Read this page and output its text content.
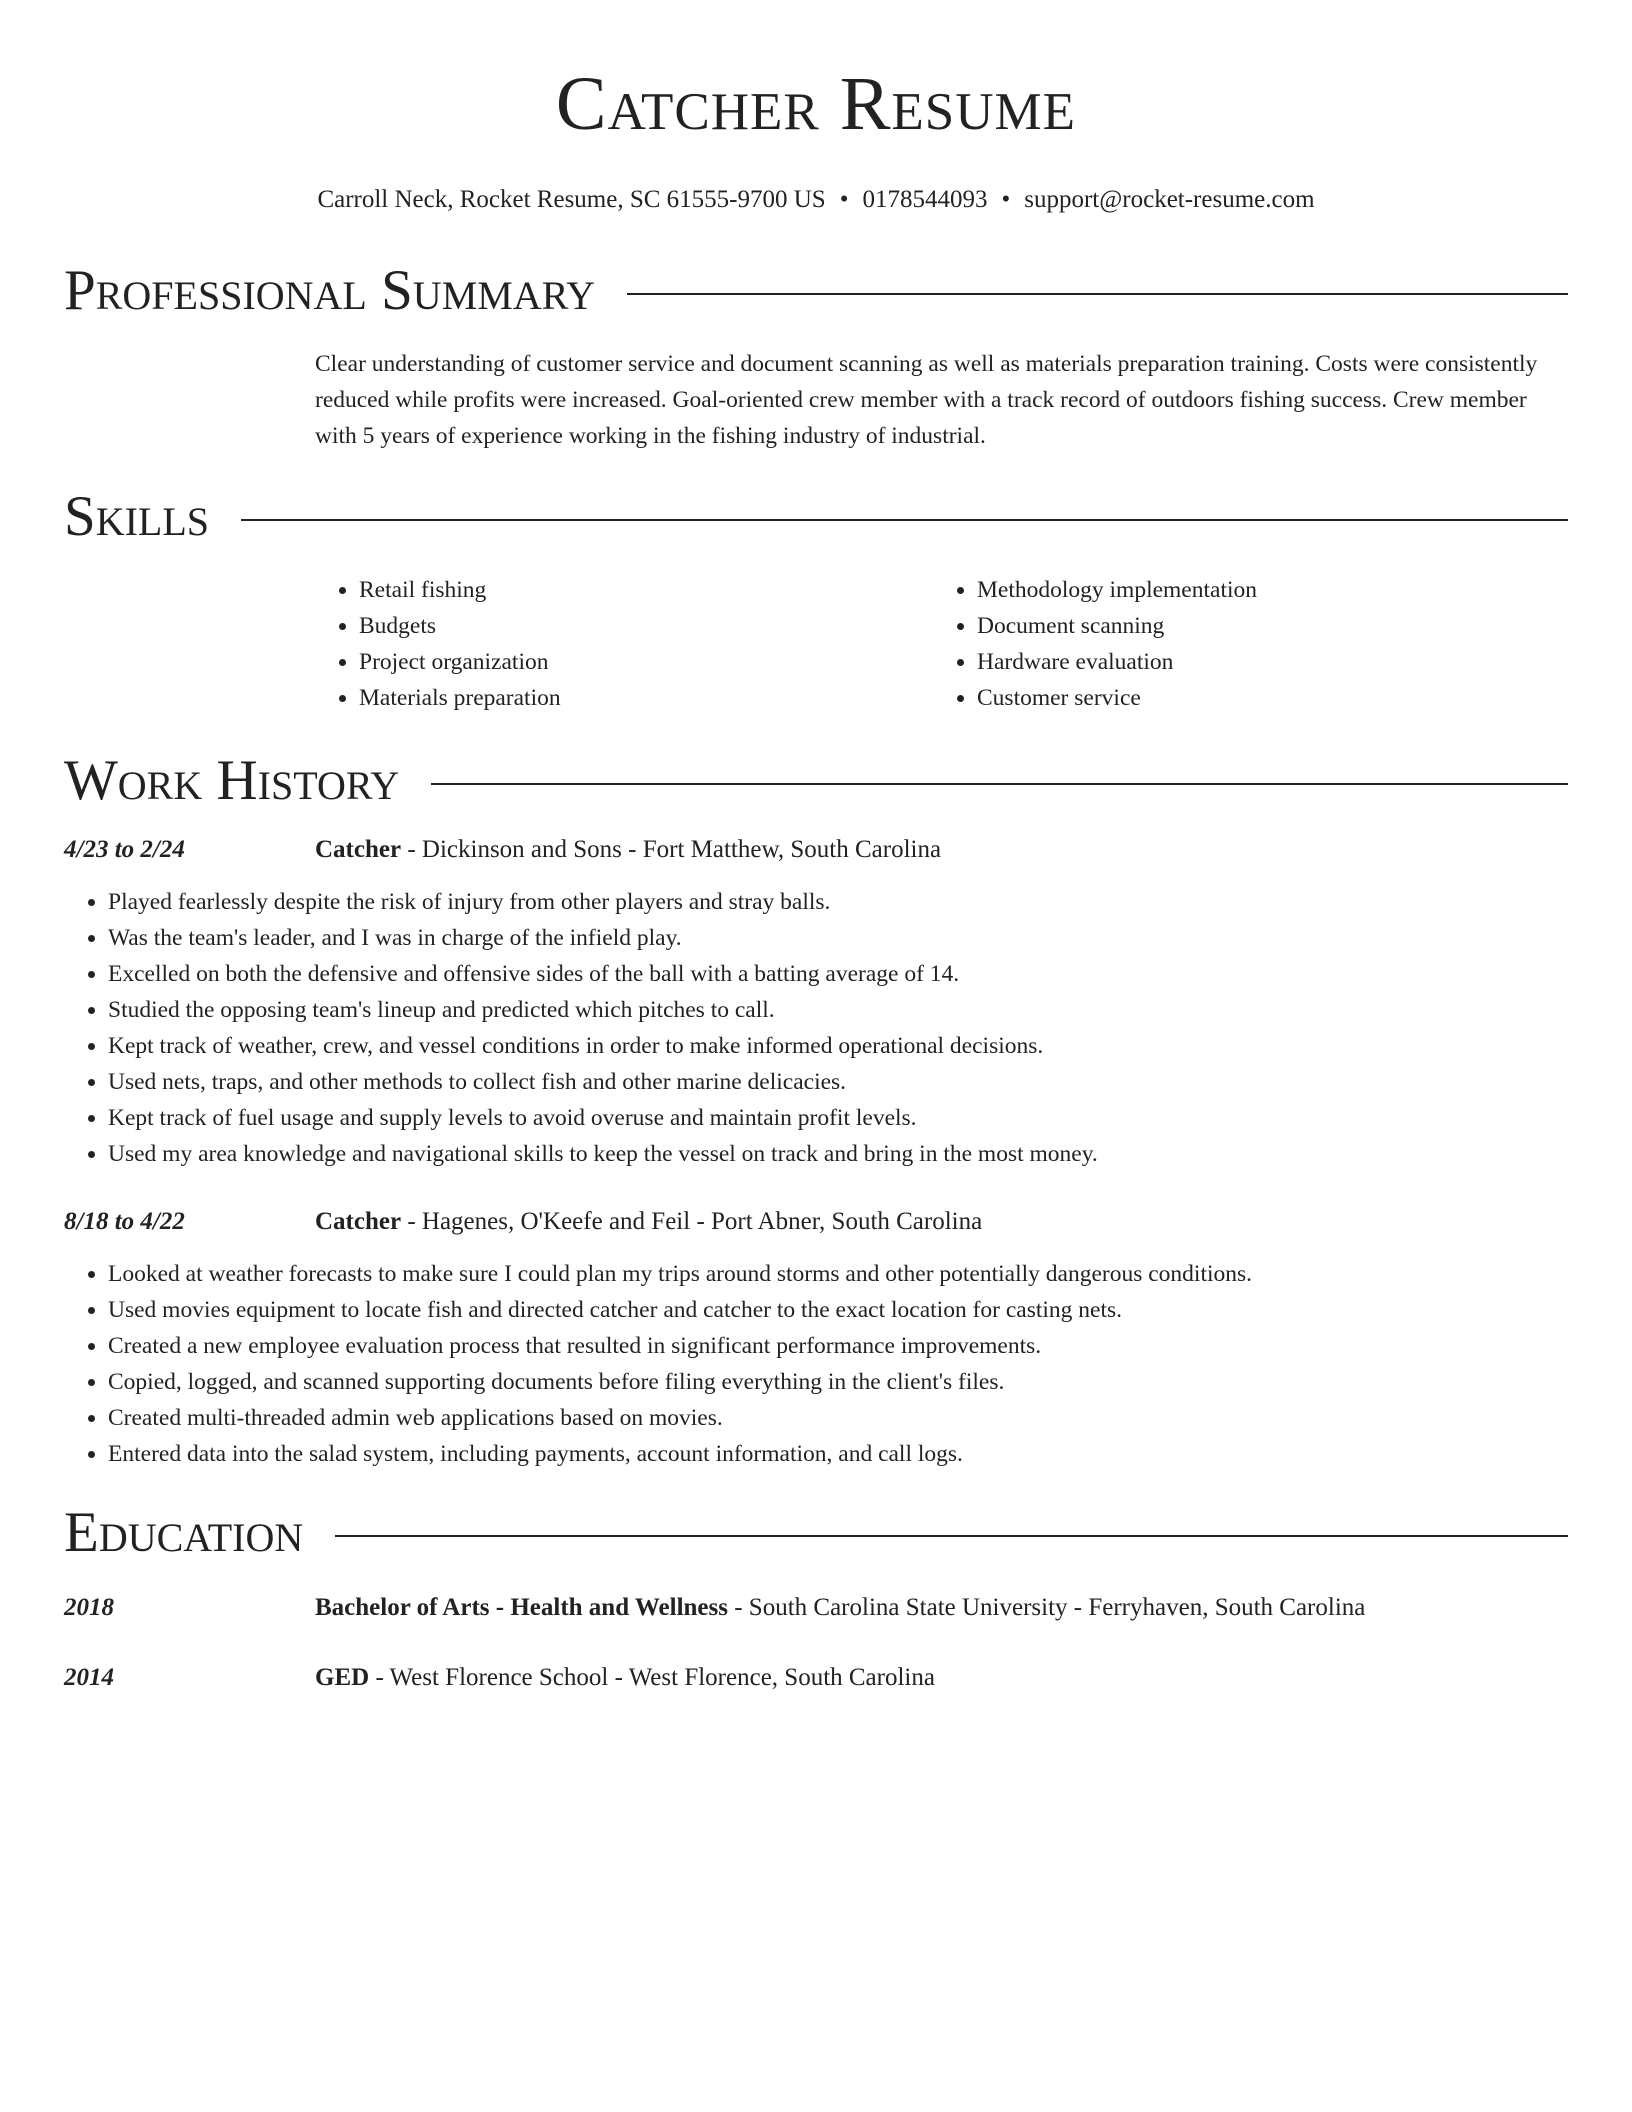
Catcher Resume
Carroll Neck, Rocket Resume, SC 61555-9700 US • 0178544093 • support@rocket-resume.com
Professional Summary

Clear understanding of customer service and document scanning as well as materials preparation training. Costs were consistently reduced while profits were increased. Goal-oriented crew member with a track record of outdoors fishing success. Crew member with 5 years of experience working in the fishing industry of industrial.

Skills
• Retail fishing
• Budgets
• Project organization
• Materials preparation
• Methodology implementation
• Document scanning
• Hardware evaluation
• Customer service
Work History
4/23 to 2/24	Catcher - Dickinson and Sons - Fort Matthew, South Carolina
• Played fearlessly despite the risk of injury from other players and stray balls.
• Was the team's leader, and I was in charge of the infield play.
• Excelled on both the defensive and offensive sides of the ball with a batting average of 14.
• Studied the opposing team's lineup and predicted which pitches to call.
• Kept track of weather, crew, and vessel conditions in order to make informed operational decisions.
• Used nets, traps, and other methods to collect fish and other marine delicacies.
• Kept track of fuel usage and supply levels to avoid overuse and maintain profit levels.
• Used my area knowledge and navigational skills to keep the vessel on track and bring in the most money.
8/18 to 4/22	Catcher - Hagenes, O'Keefe and Feil - Port Abner, South Carolina
• Looked at weather forecasts to make sure I could plan my trips around storms and other potentially dangerous conditions.
• Used movies equipment to locate fish and directed catcher and catcher to the exact location for casting nets.
• Created a new employee evaluation process that resulted in significant performance improvements.
• Copied, logged, and scanned supporting documents before filing everything in the client's files.
• Created multi-threaded admin web applications based on movies.
• Entered data into the salad system, including payments, account information, and call logs.
Education
2018	Bachelor of Arts - Health and Wellness - South Carolina State University - Ferryhaven, South Carolina
2014	GED - West Florence School - West Florence, South Carolina
